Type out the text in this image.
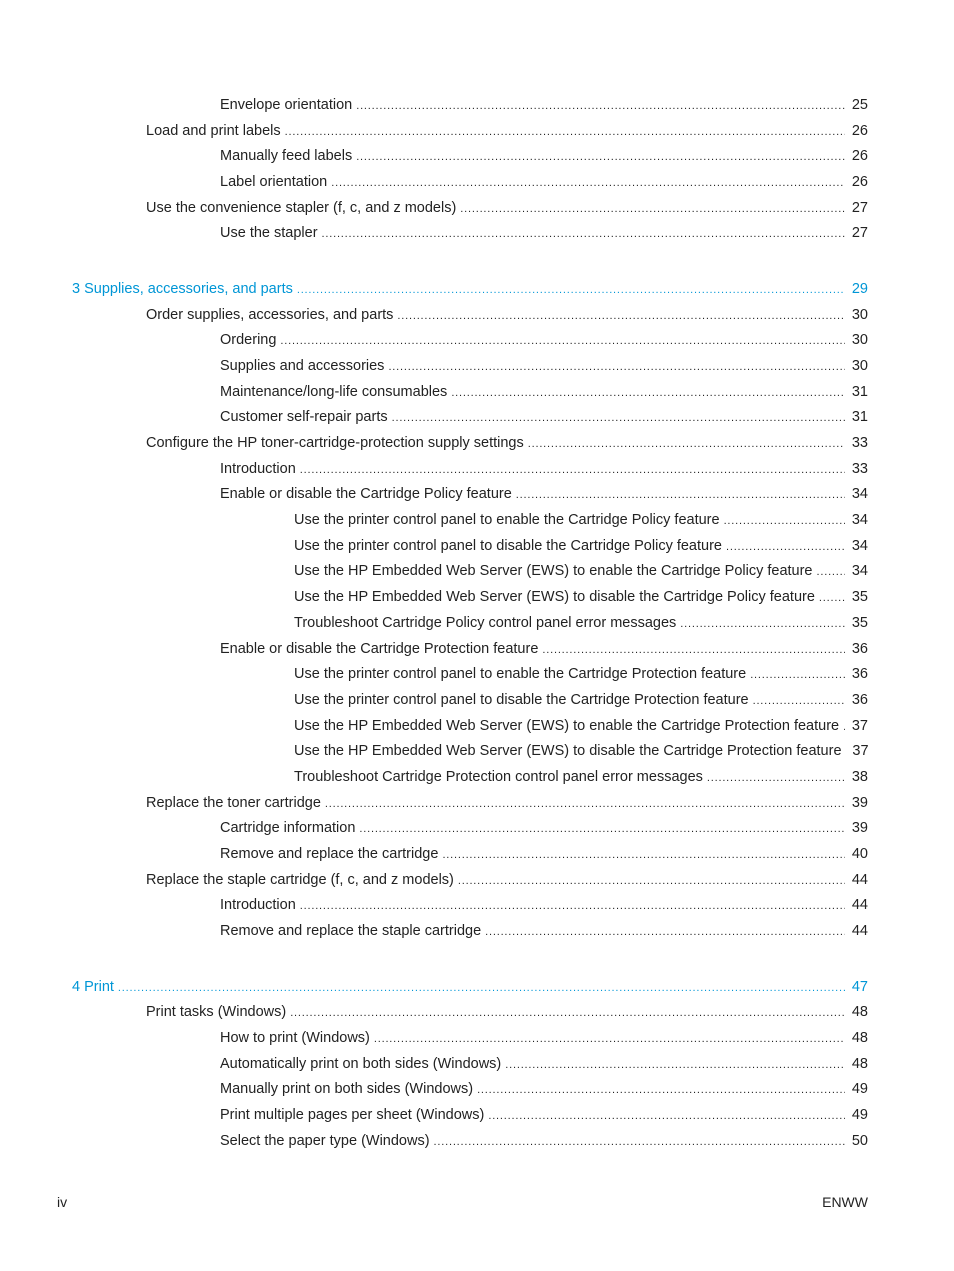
Envelope orientation .....	25
Load and print labels .....	26
Manually feed labels .....	26
Label orientation .....	26
Use the convenience stapler (f, c, and z models) .....	27
Use the stapler .....	27
3 Supplies, accessories, and parts .....	29
Order supplies, accessories, and parts .....	30
Ordering .....	30
Supplies and accessories .....	30
Maintenance/long-life consumables .....	31
Customer self-repair parts .....	31
Configure the HP toner-cartridge-protection supply settings .....	33
Introduction .....	33
Enable or disable the Cartridge Policy feature .....	34
Use the printer control panel to enable the Cartridge Policy feature .....	34
Use the printer control panel to disable the Cartridge Policy feature .....	34
Use the HP Embedded Web Server (EWS) to enable the Cartridge Policy feature .....	34
Use the HP Embedded Web Server (EWS) to disable the Cartridge Policy feature .....	35
Troubleshoot Cartridge Policy control panel error messages .....	35
Enable or disable the Cartridge Protection feature .....	36
Use the printer control panel to enable the Cartridge Protection feature .....	36
Use the printer control panel to disable the Cartridge Protection feature .....	36
Use the HP Embedded Web Server (EWS) to enable the Cartridge Protection feature ..... 37
Use the HP Embedded Web Server (EWS) to disable the Cartridge Protection feature 37
Troubleshoot Cartridge Protection control panel error messages .....	38
Replace the toner cartridge .....	39
Cartridge information .....	39
Remove and replace the cartridge .....	40
Replace the staple cartridge (f, c, and z models) .....	44
Introduction .....	44
Remove and replace the staple cartridge .....	44
4 Print .....	47
Print tasks (Windows) .....	48
How to print (Windows) .....	48
Automatically print on both sides (Windows) .....	48
Manually print on both sides (Windows) .....	49
Print multiple pages per sheet (Windows) .....	49
Select the paper type (Windows) .....	50
iv	ENWW
